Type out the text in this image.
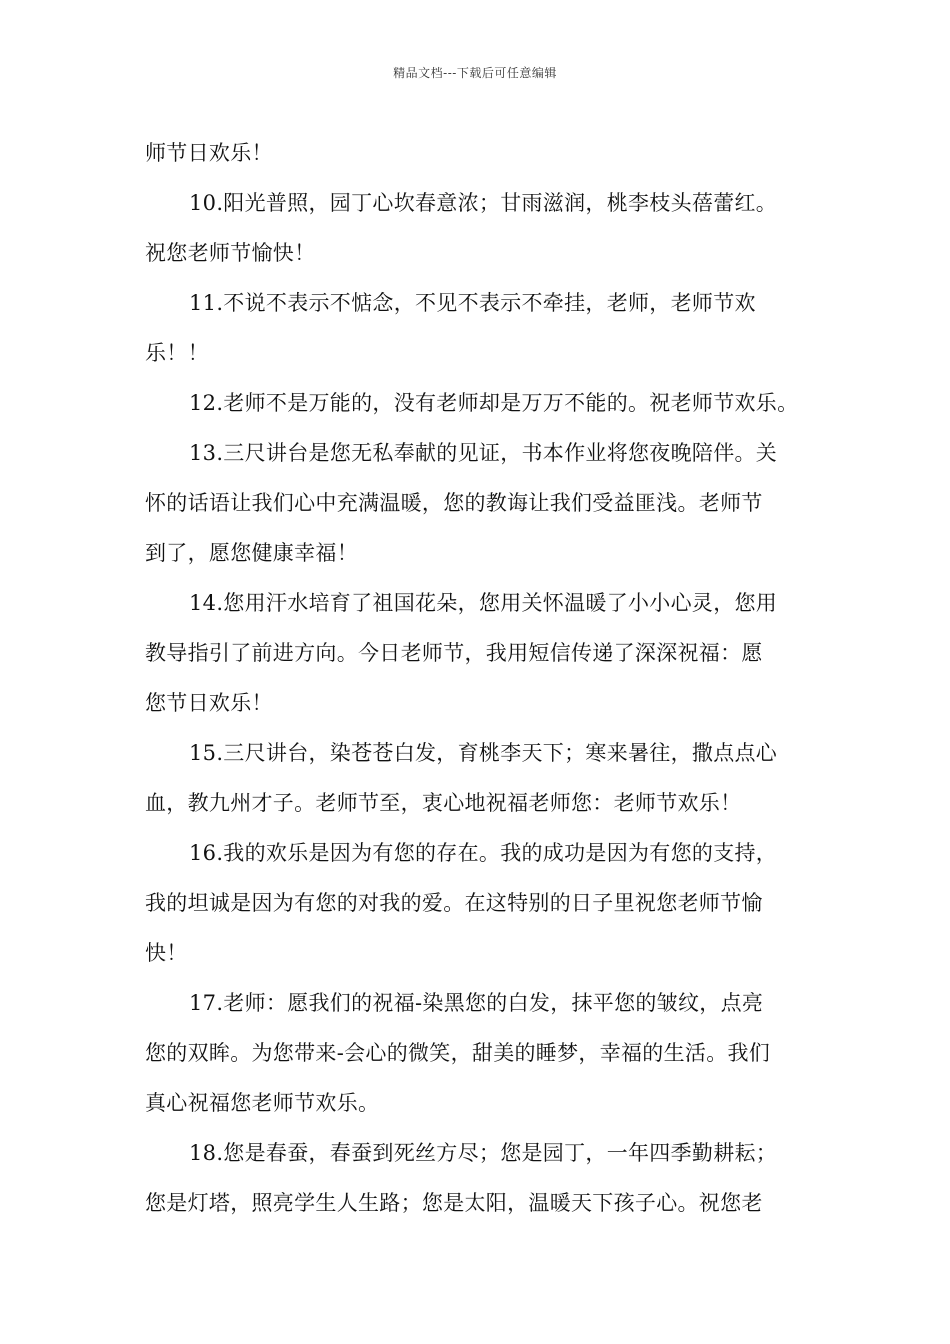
精品文档---下载后可任意编辑
师节日欢乐！
10.阳光普照，园丁心坎春意浓；甘雨滋润，桃李枝头蓓蕾红。
祝您老师节愉快！
11.不说不表示不惦念，不见不表示不牵挂，老师，老师节欢
乐！！
12.老师不是万能的，没有老师却是万万不能的。祝老师节欢乐。
13.三尺讲台是您无私奉献的见证，书本作业将您夜晚陪伴。关
怀的话语让我们心中充满温暖，您的教诲让我们受益匪浅。老师节
到了，愿您健康幸福！
14.您用汗水培育了祖国花朵，您用关怀温暖了小小心灵，您用
教导指引了前进方向。今日老师节，我用短信传递了深深祝福：愿
您节日欢乐！
15.三尺讲台，染苍苍白发，育桃李天下；寒来暑往，撒点点心
血，教九州才子。老师节至，衷心地祝福老师您：老师节欢乐！
16.我的欢乐是因为有您的存在。我的成功是因为有您的支持，
我的坦诚是因为有您的对我的爱。在这特别的日子里祝您老师节愉
快！
17.老师：愿我们的祝福-染黑您的白发，抹平您的皱纹，点亮
您的双眸。为您带来-会心的微笑，甜美的睡梦，幸福的生活。我们
真心祝福您老师节欢乐。
18.您是春蚕，春蚕到死丝方尽；您是园丁，一年四季勤耕耘；
您是灯塔，照亮学生人生路；您是太阳，温暖天下孩子心。祝您老
